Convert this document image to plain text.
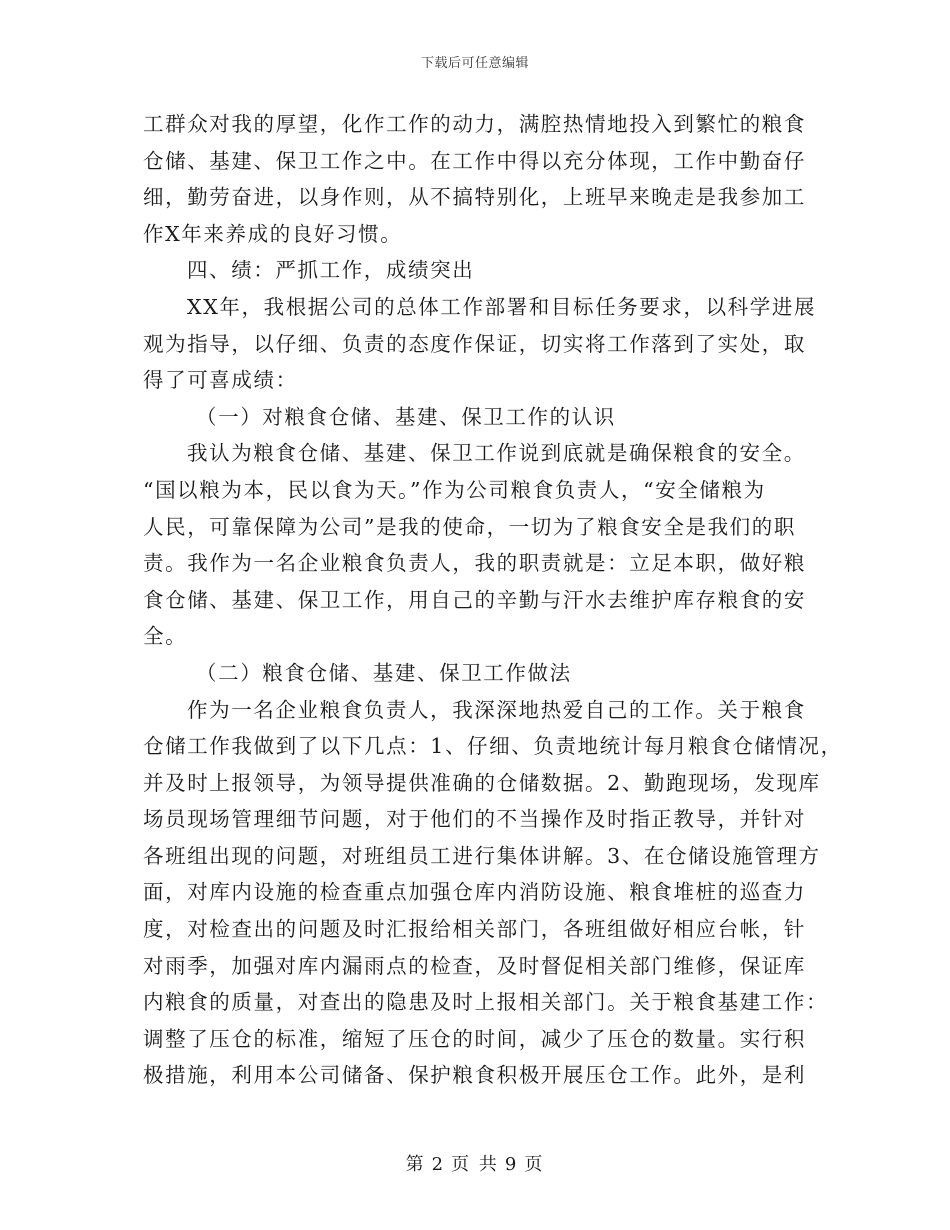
下载后可任意编辑
工群众对我的厚望，化作工作的动力，满腔热情地投入到繁忙的粮食
仓储、基建、保卫工作之中。在工作中得以充分体现，工作中勤奋仔
细，勤劳奋进，以身作则，从不搞特别化，上班早来晚走是我参加工
作X年来养成的良好习惯。
四、绩：严抓工作，成绩突出
XX年，我根据公司的总体工作部署和目标任务要求，以科学进展
观为指导，以仔细、负责的态度作保证，切实将工作落到了实处，取
得了可喜成绩：
（一）对粮食仓储、基建、保卫工作的认识
我认为粮食仓储、基建、保卫工作说到底就是确保粮食的安全。
“国以粮为本，民以食为天。”作为公司粮食负责人，“安全储粮为
人民，可靠保障为公司”是我的使命，一切为了粮食安全是我们的职
责。我作为一名企业粮食负责人，我的职责就是：立足本职，做好粮
食仓储、基建、保卫工作，用自己的辛勤与汗水去维护库存粮食的安
全。
（二）粮食仓储、基建、保卫工作做法
作为一名企业粮食负责人，我深深地热爱自己的工作。关于粮食
仓储工作我做到了以下几点：1、仔细、负责地统计每月粮食仓储情况，
并及时上报领导，为领导提供准确的仓储数据。2、勤跑现场，发现库
场员现场管理细节问题，对于他们的不当操作及时指正教导，并针对
各班组出现的问题，对班组员工进行集体讲解。3、在仓储设施管理方
面，对库内设施的检查重点加强仓库内消防设施、粮食堆桩的巡查力
度，对检查出的问题及时汇报给相关部门，各班组做好相应台帐，针
对雨季，加强对库内漏雨点的检查，及时督促相关部门维修，保证库
内粮食的质量，对查出的隐患及时上报相关部门。关于粮食基建工作：
调整了压仓的标准，缩短了压仓的时间，减少了压仓的数量。实行积
极措施，利用本公司储备、保护粮食积极开展压仓工作。此外，是利
第 2 页 共 9 页
